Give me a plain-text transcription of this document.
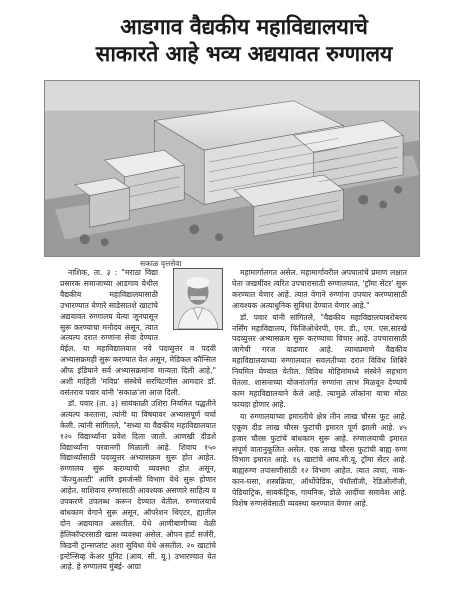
आडगाव वैद्यकीय महाविद्यालयाचे
साकारते आहे भव्य अद्ययावत रुग्णालय
सकाळ वृत्तसेवा

नाशिक, ता. ३ : "मराठा विद्या प्रसारक समाजाच्या आडगाव येथील वैद्यकीय महाविद्यालयासाठी उभारण्यात येणारे साडेसातशे खाटांचे अद्ययावत रुग्णालय येत्या जूनपासून सुरू करण्याचा मनोदय असून, त्यात अत्यल्प दरात रुग्णांना सेवा देण्यात येईल. या महाविद्यालयात नवे पदव्युत्तर व पदवी अभ्यासक्रमही सुरू करण्यात येत असून, मेडिकल कौन्सिल ऑफ इंडियाने सर्व अभ्यासक्रमांना मान्यता दिली आहे," अशी माहिती 'मविप्र' संस्थेचे सरचिटणीस आमदार डॉ. वसंतराव पवार यांनी 'सकाळ'ला आज दिली.

डॉ. पवार (ता. ३) सायंकाळी उशिरा नियमित पद्धतीने अत्यल्प करताना, त्यांनी या विषयावर अभ्यासपूर्ण चर्चा केली. त्यांनी सांगितले, "सध्या या वैद्यकीय महाविद्यालयात १२० विद्यार्थ्यांना प्रवेश दिला जातो. आणखी दीडशे विद्यार्थ्यांना परवानगी मिळाली आहे. शिवाय १५० विद्यार्थ्यांसाठी पदव्युत्तर अभ्यासक्रम सुरू होत आहेत. रुग्णालय सुरू करण्याची व्यवस्था होत असून, 'कॅज्युअल्टी' आणि इमर्जन्सी विभाग येथे सुरू होणार आहेत. याशिवाय रुग्णांसाठी आवश्यक असणारे साहित्य व उपकरणे उपलब्ध करून देण्यात येतील. रुग्णालयाचे बांधकाम वेगाने सुरू असून, ऑपरेशन थिएटर, ह्यातील दोन अद्ययावत असतील. येथे आणीबाणीच्या वेळी हेलिकॉप्टरसाठी खास व्यवस्था असेल. ओपन हार्ट सर्जरी, किडनी ट्रान्सप्लांट अशा सुविधा येथे असतील. २० खाटांचे इन्टेन्सिव्ह केअर युनिट (आय. सी. यू.) उभारण्यात येत आहे. हे रुग्णालय मुंबई- आग्रा

महामार्गालगत असेल. महामार्गावरील अपघातांचे प्रमाण लक्षात घेता जखमींवर त्वरित उपचारासाठी रुग्णालयात, 'ट्रॉमा सेंटर' सुरू करण्यात येणार आहे. त्यात वेगाने रुग्णांना उपचार करण्यासाठी आवश्यक अत्याधुनिक सुविधा देण्यात येणार आहे."

डॉ. पवार यांनी सांगितले, "वैद्यकीय महाविद्यालयाबरोबरच नर्सिंग महाविद्यालय, फिजिओथेरपी, एम. डी., एम. एस.सारखे पदव्युत्तर अभ्यासक्रम सुरू करण्याचा विचार आहे. उपचारासाठी जागेची गरज वाढणार आहे. त्याचप्रमाणे वैद्यकीय महाविद्यालयाच्या रुग्णालयात सवलतीच्या दरात विविध शिबिरे नियमित घेण्यात येतील. विविध मोहिमांमध्ये संस्थेने सहभाग घेतला. शासनाच्या योजनांतर्गत रुग्णांना लाभ मिळवून देण्याचे काम महाविद्यालयाने केले आहे. त्यामुळे लोकांना याचा मोठा फायदा होणार आहे.

या रुग्णालयाच्या इमारतीचे क्षेत्र तीन लाख चौरस फूट आहे. एकूण दीड लाख चौरस फुटांची इमारत पूर्ण झाली आहे. ४५ हजार चौरस फुटांचे बांधकाम सुरू आहे. रुग्णालयाची इमारत संपूर्ण वातानुकूलित असेल. एक लाख चौरस फुटांची बाह्य रुग्ण विभाग इमारत आहे. १६ खाटांचे आय.सी.यू. ट्रॉमा सेंटर आहे. बाह्यरुग्ण तपासणीसाठी १२ विभाग आहेत. त्यात त्वचा, नाक-कान-घसा, शस्त्रक्रिया, ऑर्थोपेडिक, पॅथॉलॉजी, रेडिओलॉजी, पेडियाट्रिक, सायकॅट्रिक, गायनिक, डोळे आदींचा समावेश आहे. विशेष रुग्णसेवेसाठी व्यवस्था करण्यात येणार आहे.
